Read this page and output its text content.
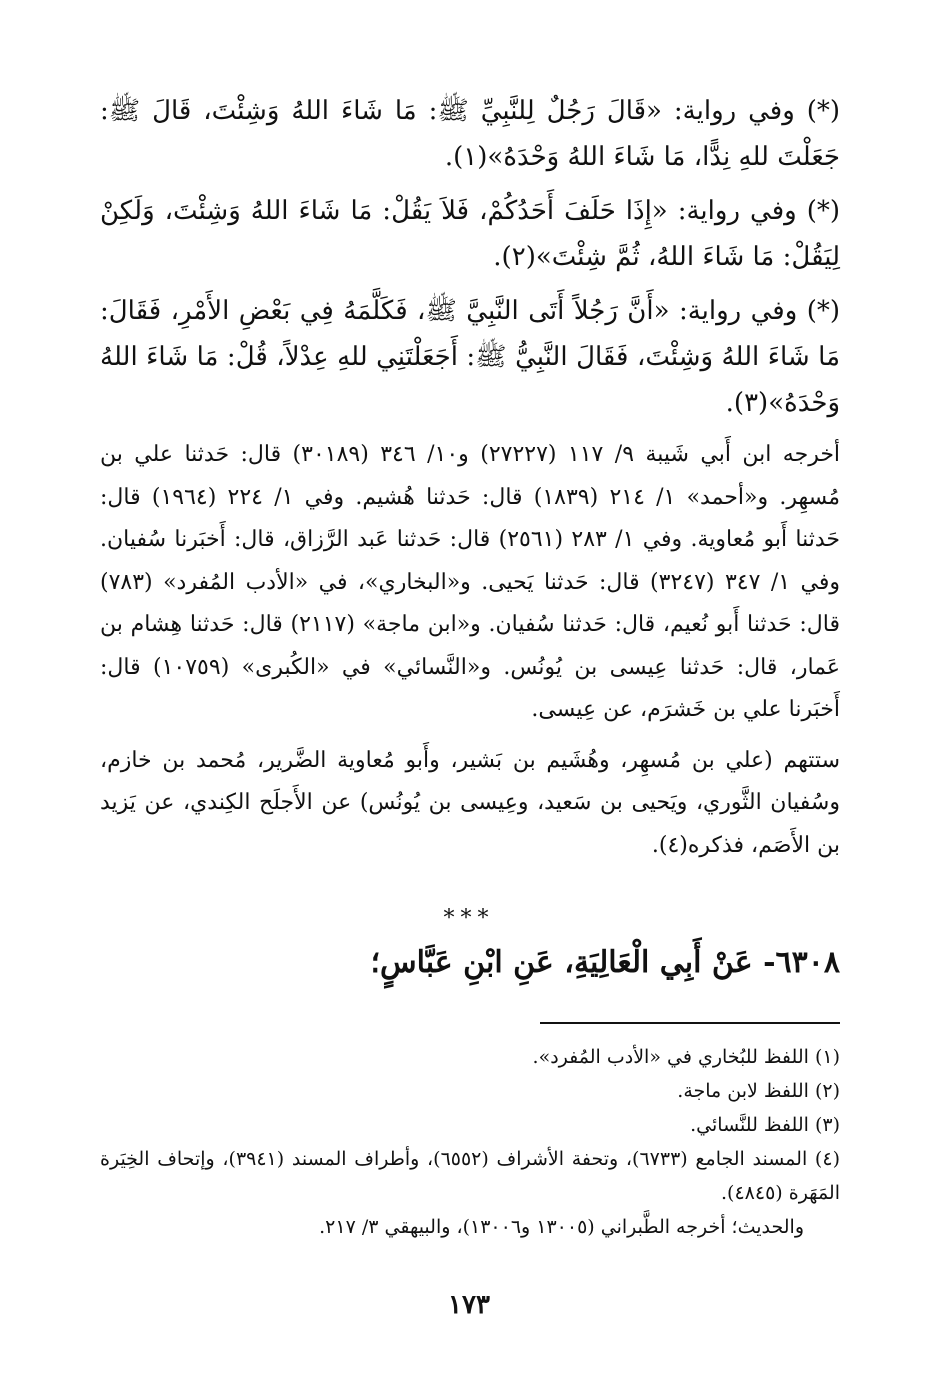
(*) وفي رواية: «قَالَ رَجُلٌ لِلنَّبِيِّ ﷺ: مَا شَاءَ اللهُ وَشِئْتَ، قَالَ ﷺ: جَعَلْتَ للهِ نِدًّا، مَا شَاءَ اللهُ وَحْدَهُ»(١).

(*) وفي رواية: «إِذَا حَلَفَ أَحَدُكُمْ، فَلاَ يَقُلْ: مَا شَاءَ اللهُ وَشِئْتَ، وَلَكِنْ لِيَقُلْ: مَا شَاءَ اللهُ، ثُمَّ شِئْتَ»(٢).

(*) وفي رواية: «أَنَّ رَجُلاً أَتَى النَّبِيَّ ﷺ، فَكَلَّمَهُ فِي بَعْضِ الأَمْرِ، فَقَالَ: مَا شَاءَ اللهُ وَشِئْتَ، فَقَالَ النَّبِيُّ ﷺ: أَجَعَلْتَنِي للهِ عِدْلاً، قُلْ: مَا شَاءَ اللهُ وَحْدَهُ»(٣).

أخرجه ابن أَبي شَيبة ٩/ ١١٧ (٢٧٢٢٧) و١٠/ ٣٤٦ (٣٠١٨٩) قال: حَدثنا علي بن مُسهِر. و«أحمد» ١/ ٢١٤ (١٨٣٩) قال: حَدثنا هُشيم. وفي ١/ ٢٢٤ (١٩٦٤) قال: حَدثنا أَبو مُعاوية. وفي ١/ ٢٨٣ (٢٥٦١) قال: حَدثنا عَبد الرَّزاق، قال: أَخبَرنا سُفيان. وفي ١/ ٣٤٧ (٣٢٤٧) قال: حَدثنا يَحيى. و«البخاري»، في «الأدب المُفرد» (٧٨٣) قال: حَدثنا أَبو نُعيم، قال: حَدثنا سُفيان. و«ابن ماجة» (٢١١٧) قال: حَدثنا هِشام بن عَمار، قال: حَدثنا عِيسى بن يُونُس. و«النَّسائي» في «الكُبرى» (١٠٧٥٩) قال: أَخبَرنا علي بن خَشرَم، عن عِيسى.

ستتهم (علي بن مُسهِر، وهُشَيم بن بَشير، وأَبو مُعاوية الضَّرير، مُحمد بن خازم، وسُفيان الثَّوري، ويَحيى بن سَعيد، وعِيسى بن يُونُس) عن الأَجلَح الكِندي، عن يَزيد بن الأَصَم، فذكره(٤).

***
٦٣٠٨- عَنْ أَبِي الْعَالِيَةِ، عَنِ ابْنِ عَبَّاسٍ؛

(١) اللفظ للبُخاري في «الأدب المُفرد».

(٢) اللفظ لابن ماجة.

(٣) اللفظ للنَّسائي.

(٤) المسند الجامع (٦٧٣٣)، وتحفة الأشراف (٦٥٥٢)، وأطراف المسند (٣٩٤١)، وإتحاف الخِيَرة المَهَرة (٤٨٤٥).

والحديث؛ أخرجه الطَّبراني (١٣٠٠٥ و١٣٠٠٦)، والبيهقي ٣/ ٢١٧.

١٧٣
